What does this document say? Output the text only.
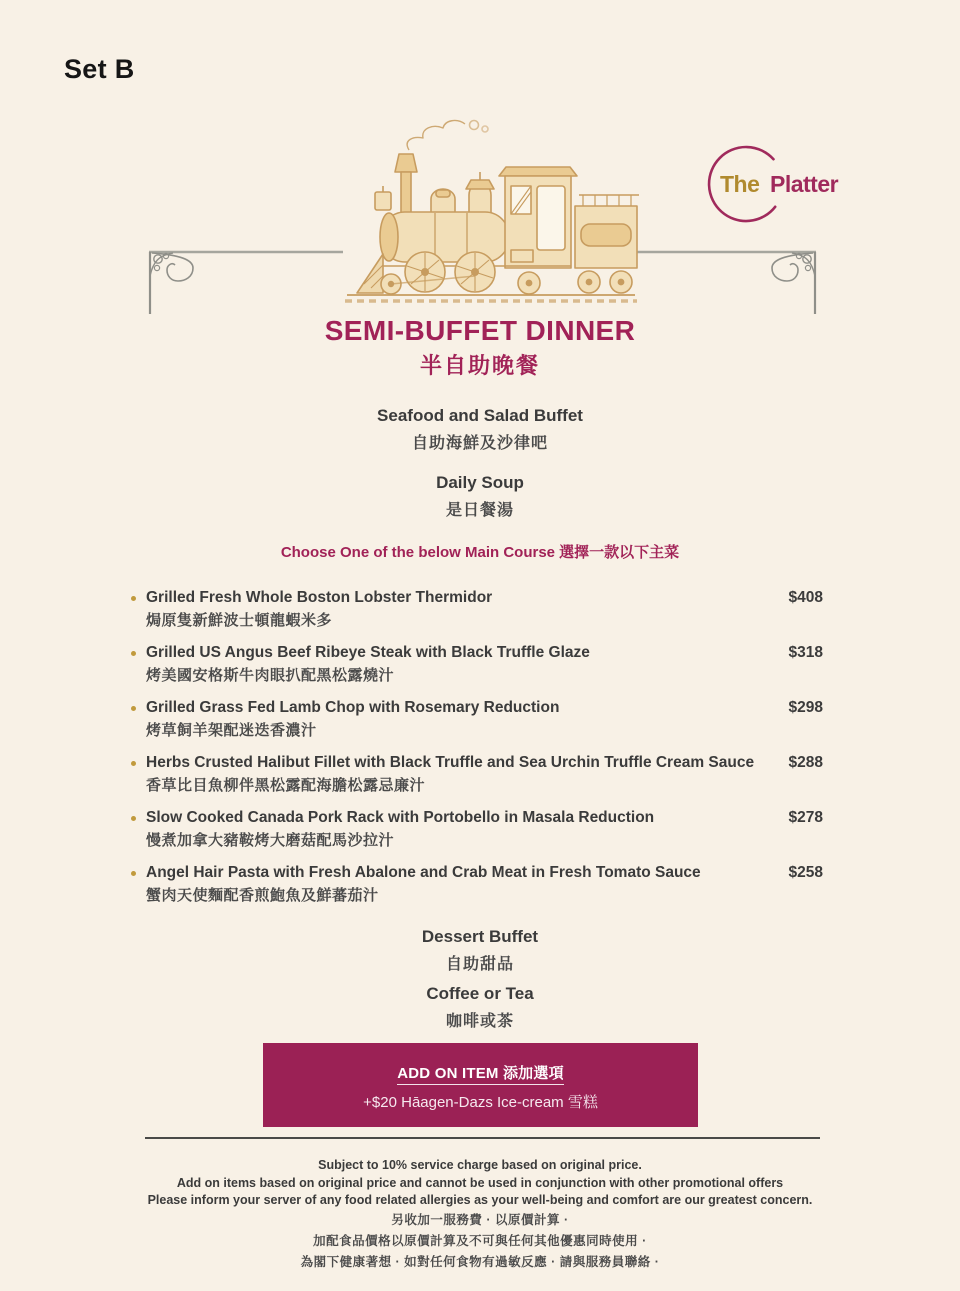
Set B
The Platter
SEMI-BUFFET DINNER
半自助晚餐
Seafood and Salad Buffet
自助海鮮及沙律吧
Daily Soup
是日餐湯
Choose One of the below Main Course 選擇一款以下主菜
Grilled Fresh Whole Boston Lobster Thermidor
焗原隻新鮮波士頓龍蝦米多
$408
Grilled US Angus Beef Ribeye Steak with Black Truffle Glaze
烤美國安格斯牛肉眼扒配黑松露燒汁
$318
Grilled Grass Fed Lamb Chop with Rosemary Reduction
烤草飼羊架配迷迭香濃汁
$298
Herbs Crusted Halibut Fillet with Black Truffle and Sea Urchin Truffle Cream Sauce
香草比目魚柳伴黑松露配海膽松露忌廉汁
$288
Slow Cooked Canada Pork Rack with Portobello in Masala Reduction
慢煮加拿大豬鞍烤大磨菇配馬沙拉汁
$278
Angel Hair Pasta with Fresh Abalone and Crab Meat in Fresh Tomato Sauce
蟹肉天使麵配香煎鮑魚及鮮蕃茄汁
$258
Dessert Buffet
自助甜品
Coffee or Tea
咖啡或茶
ADD ON ITEM 添加選項
+$20 Hāagen-Dazs Ice-cream 雪糕
Subject to 10% service charge based on original price.
Add on items based on original price and cannot be used in conjunction with other promotional offers
Please inform your server of any food related allergies as your well-being and comfort are our greatest concern.
另收加一服務費 · 以原價計算 ·
加配食品價格以原價計算及不可與任何其他優惠同時使用 ·
為閣下健康著想 · 如對任何食物有過敏反應 · 請與服務員聯絡 ·
